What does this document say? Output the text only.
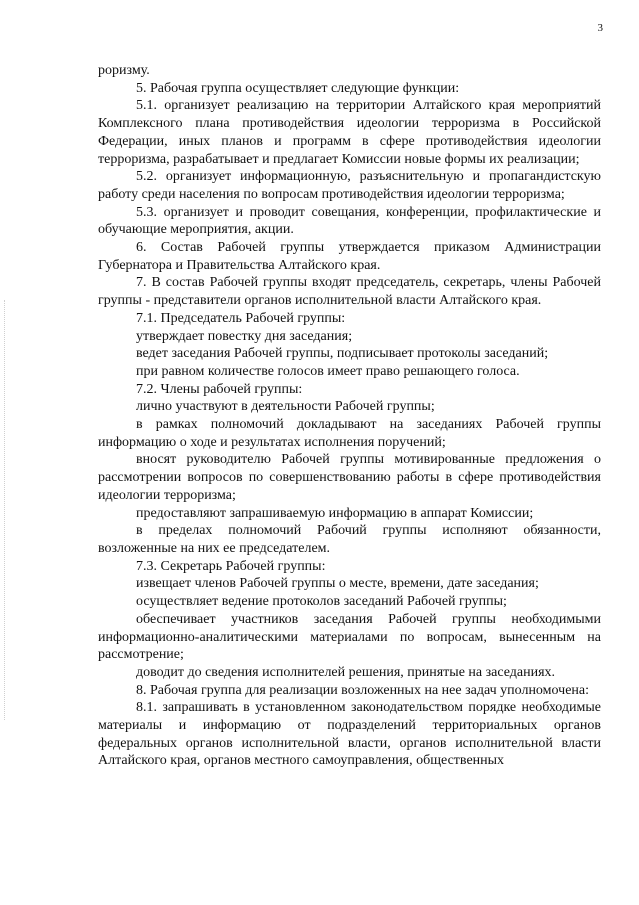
3

роризму.

5. Рабочая группа осуществляет следующие функции:

5.1. организует реализацию на территории Алтайского края мероприятий Комплексного плана противодействия идеологии терроризма в Российской Федерации, иных планов и программ в сфере противодействия идеологии терроризма, разрабатывает и предлагает Комиссии новые формы их реализации;

5.2. организует информационную, разъяснительную и пропагандистскую работу среди населения по вопросам противодействия идеологии терроризма;

5.3. организует и проводит совещания, конференции, профилактические и обучающие мероприятия, акции.

6. Состав Рабочей группы утверждается приказом Администрации Губернатора и Правительства Алтайского края.

7. В состав Рабочей группы входят председатель, секретарь, члены Рабочей группы - представители органов исполнительной власти Алтайского края.

7.1. Председатель Рабочей группы:

утверждает повестку дня заседания;

ведет заседания Рабочей группы, подписывает протоколы заседаний;

при равном количестве голосов имеет право решающего голоса.

7.2. Члены рабочей группы:

лично участвуют в деятельности Рабочей группы;

в рамках полномочий докладывают на заседаниях Рабочей группы информацию о ходе и результатах исполнения поручений;

вносят руководителю Рабочей группы мотивированные предложения о рассмотрении вопросов по совершенствованию работы в сфере противодействия идеологии терроризма;

предоставляют запрашиваемую информацию в аппарат Комиссии;

в пределах полномочий Рабочий группы исполняют обязанности, возложенные на них ее председателем.

7.3. Секретарь Рабочей группы:

извещает членов Рабочей группы о месте, времени, дате заседания;

осуществляет ведение протоколов заседаний Рабочей группы;

обеспечивает участников заседания Рабочей группы необходимыми информационно-аналитическими материалами по вопросам, вынесенным на рассмотрение;

доводит до сведения исполнителей решения, принятые на заседаниях.

8. Рабочая группа для реализации возложенных на нее задач уполномочена:

8.1. запрашивать в установленном законодательством порядке необходимые материалы и информацию от подразделений территориальных органов федеральных органов исполнительной власти, органов исполнительной власти Алтайского края, органов местного самоуправления, общественных
